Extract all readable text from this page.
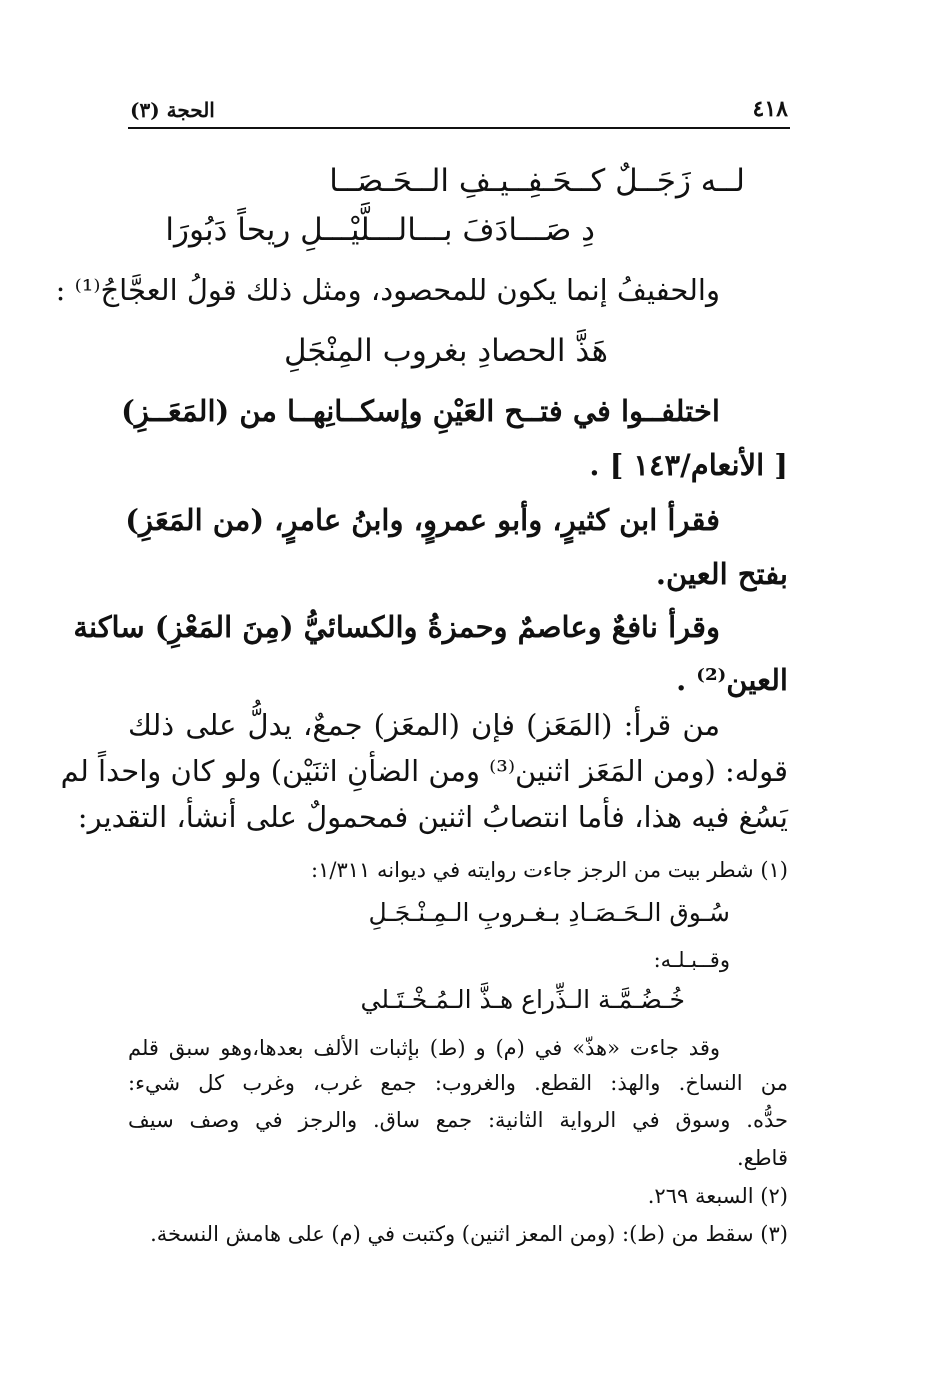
٤١٨
الحجة (٣)
لــه زَجَــلٌ كــحَـفِــيـفِ الــحَـصَــا
دِ صَـــادَفَ بـــالـــلَّيْـــلِ ريحاً دَبُورَا
والحفيفُ إنما يكون للمحصود، ومثل ذلك قولُ العجَّاجُ⁽¹⁾ :
هَذَّ الحصادِ بغروب المِنْجَلِ
اختلفــوا في فتــح العَيْنِ وإسكــانِهــا من (المَعَــزِ)
[ الأنعام/١٤٣ ] .
فقرأ ابن كثيرٍ، وأبو عمروٍ، وابنُ عامرٍ، (من المَعَزِ)
بفتح العين.
وقرأ نافعٌ وعاصمٌ وحمزةُ والكسائيُّ (مِنَ المَعْزِ) ساكنة
العين⁽²⁾ .
من قرأ: (المَعَز) فإن (المعَز) جمعٌ، يدلُّ على ذلك
قوله: (ومن المَعَز اثنين⁽³⁾ ومن الضأنِ اثنَيْن) ولو كان واحداً لم
يَسُغ فيه هذا، فأما انتصابُ اثنين فمحمولٌ على أنشأ، التقدير:
(١) شطر بيت من الرجز جاءت روايته في ديوانه ١/٣١١:
سُـوق الـحَـصَـادِ بـغـروبِ الـمِـنْـجَـلِ
وقــبـلـه:
خُـضُـمَّـة الـذِّراع هـذَّ الـمُـخْـتَـلي
وقد جاءت «هذّ» في (م) و (ط) بإثبات الألف بعدها،وهو سبق قلم
من النساخ. والهذ: القطع. والغروب: جمع غرب، وغرب كل شيء:
حدُّه. وسوق في الرواية الثانية: جمع ساق. والرجز في وصف سيف
قاطع.
(٢) السبعة ٢٦٩.
(٣) سقط من (ط): (ومن المعز اثنين) وكتبت في (م) على هامش النسخة.
